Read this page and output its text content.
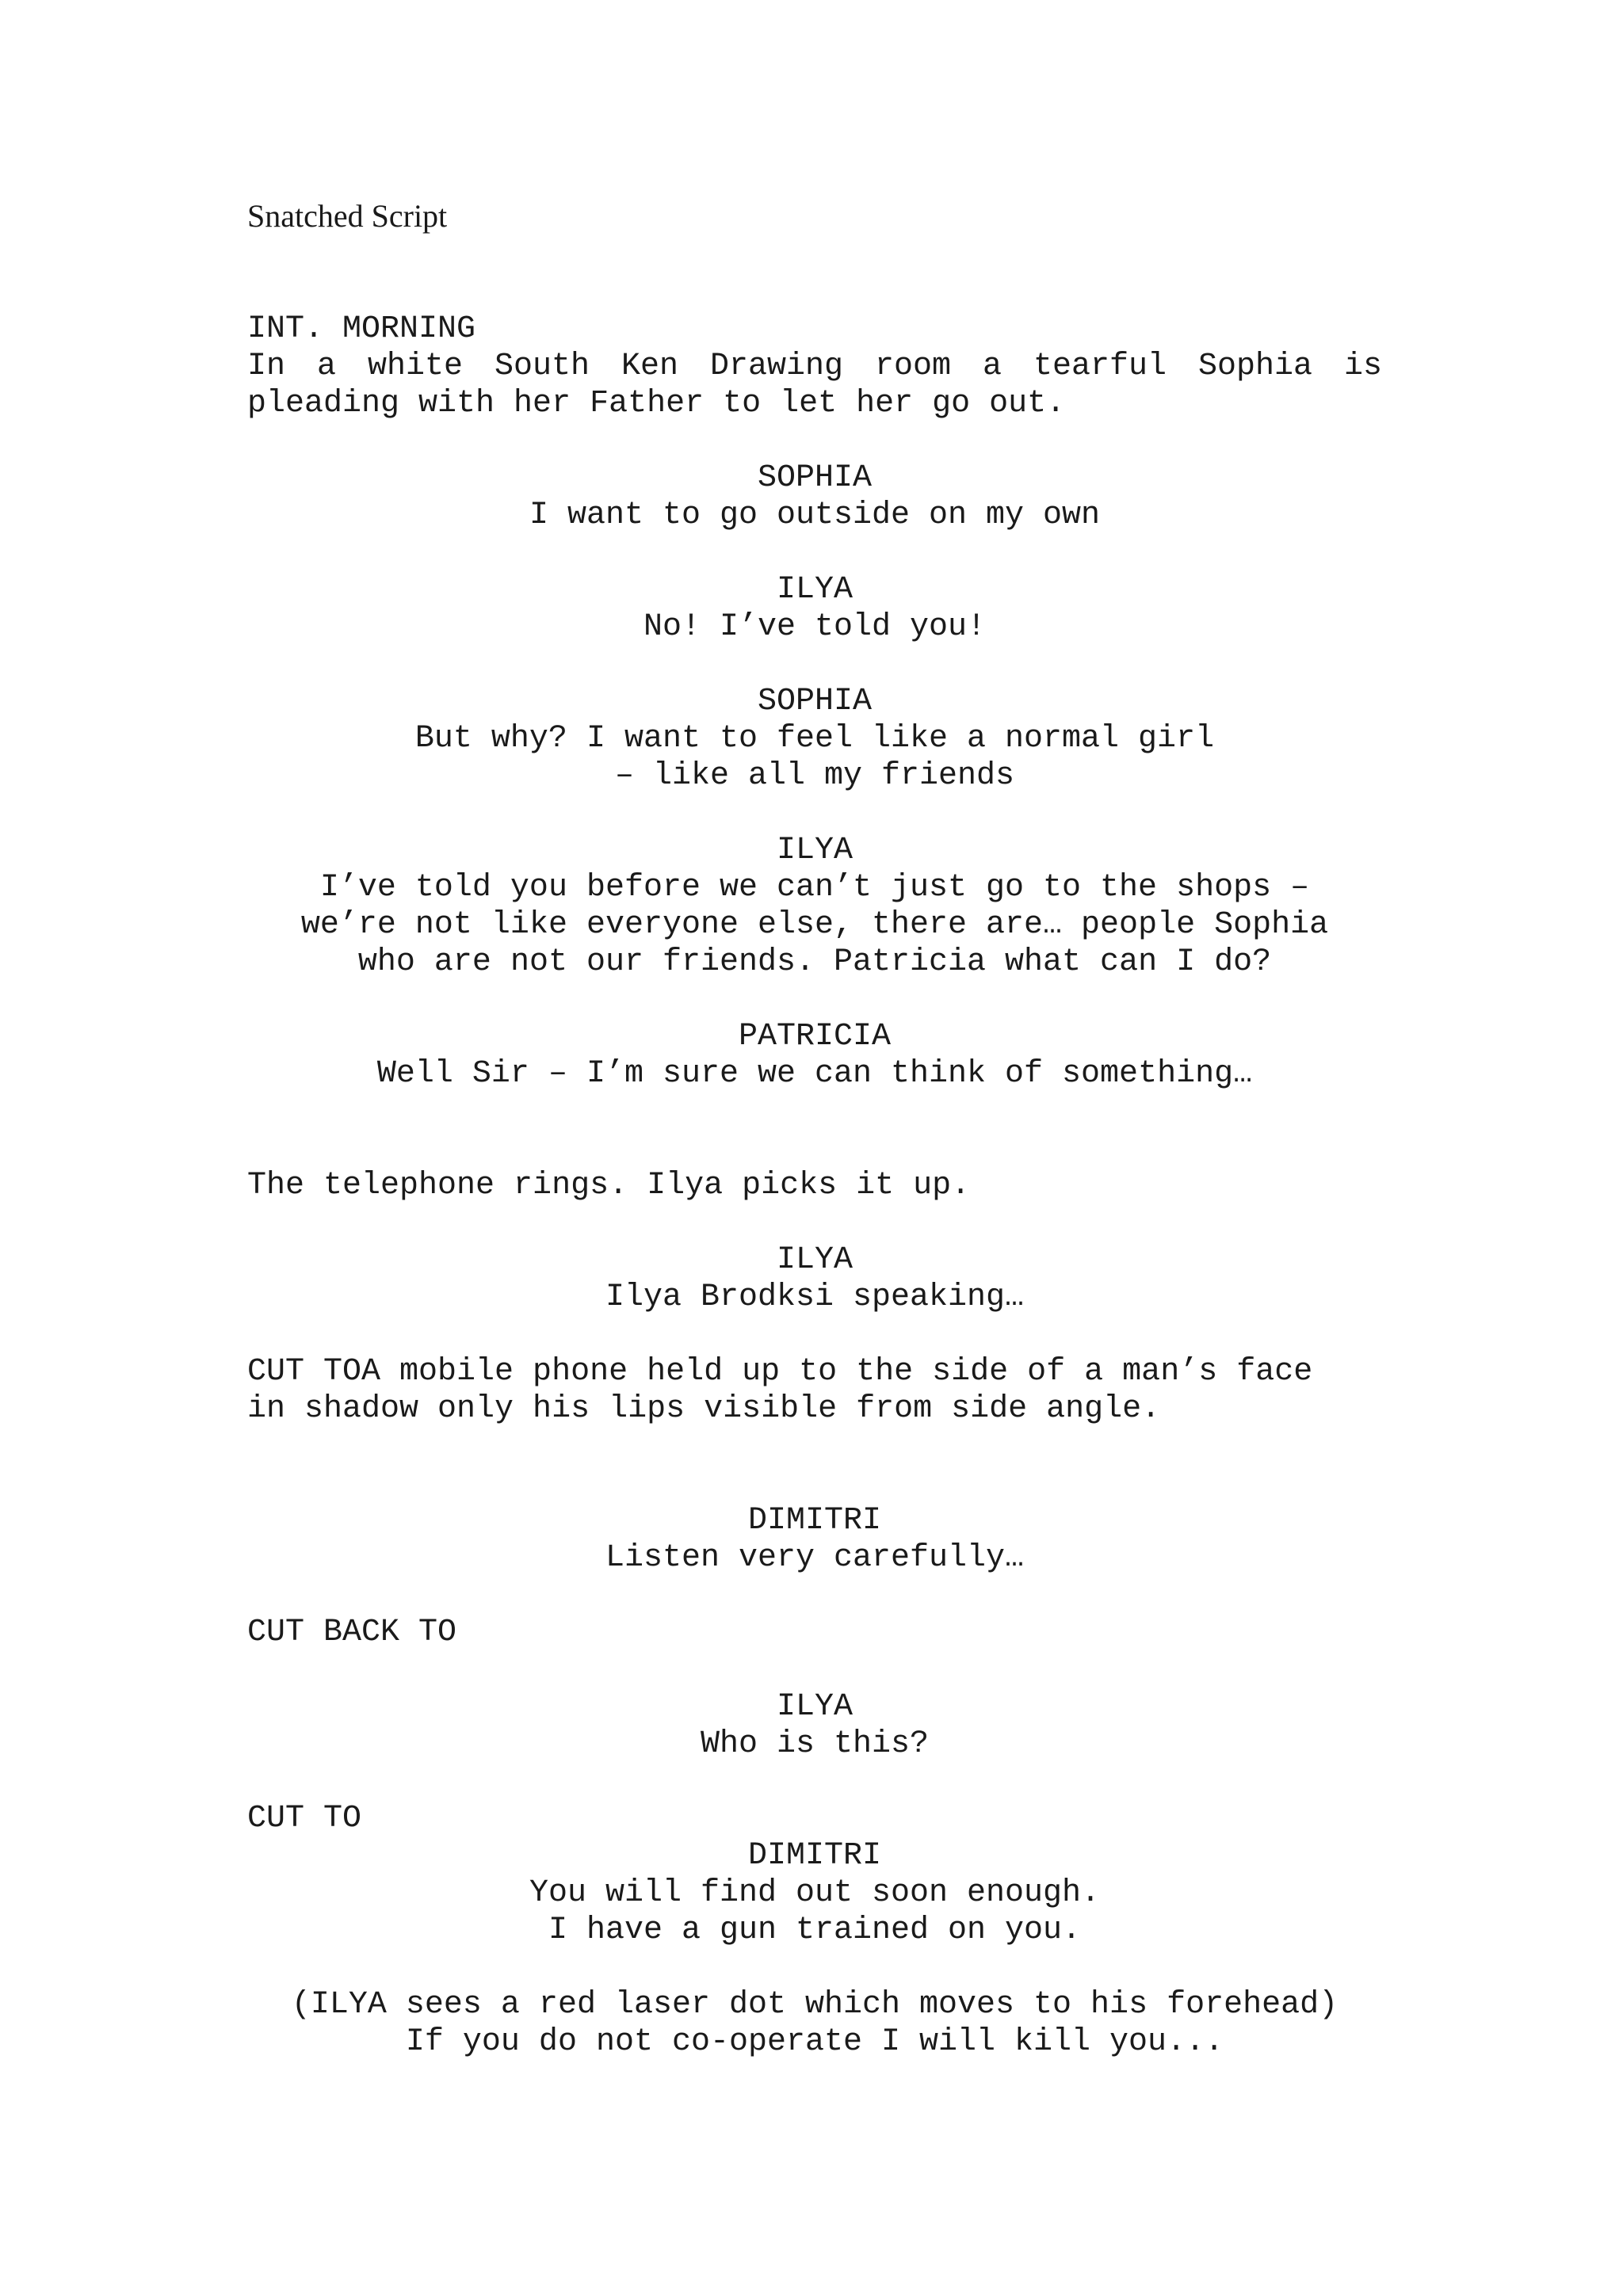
Snatched Script
INT. MORNING
In a white South Ken Drawing room a tearful Sophia is
pleading with her Father to let her go out.
SOPHIA
I want to go outside on my own
ILYA
No! I’ve told you!
SOPHIA
But why? I want to feel like a normal girl
– like all my friends
ILYA
I’ve told you before we can’t just go to the shops –
we’re not like everyone else, there are… people Sophia
who are not our friends. Patricia what can I do?
PATRICIA
Well Sir – I’m sure we can think of something…
The telephone rings. Ilya picks it up.
ILYA
Ilya Brodksi speaking…
CUT TOA mobile phone held up to the side of a man’s face
in shadow only his lips visible from side angle.
DIMITRI
Listen very carefully…
CUT BACK TO
ILYA
Who is this?
CUT TO
DIMITRI
You will find out soon enough.
I have a gun trained on you.
(ILYA sees a red laser dot which moves to his forehead)
If you do not co-operate I will kill you...
